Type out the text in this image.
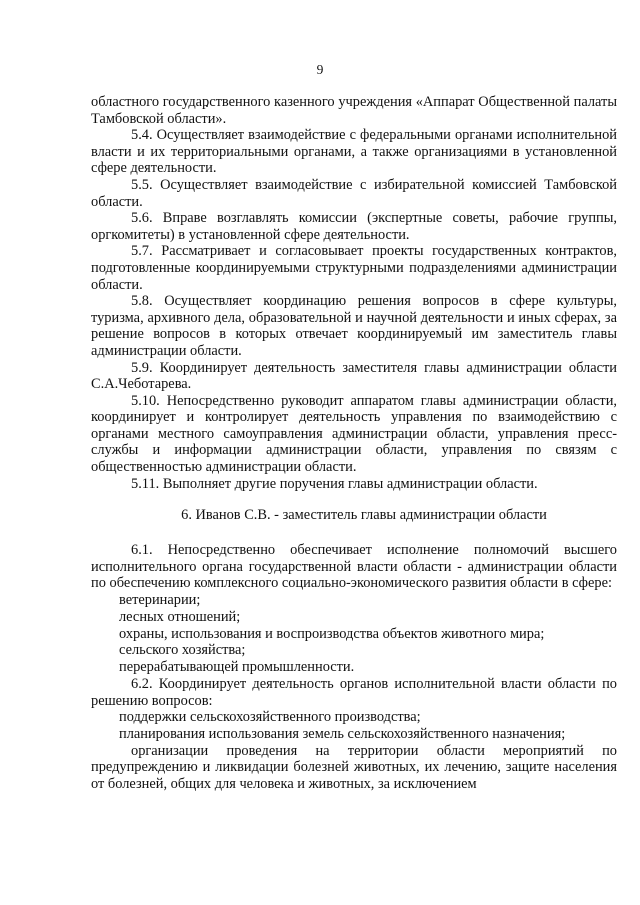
9

областного государственного казенного учреждения «Аппарат Общественной палаты Тамбовской области».

5.4. Осуществляет взаимодействие с федеральными органами исполнительной власти и их территориальными органами, а также организациями в установленной сфере деятельности.

5.5. Осуществляет взаимодействие с избирательной комиссией Тамбовской области.

5.6. Вправе возглавлять комиссии (экспертные советы, рабочие группы, оргкомитеты) в установленной сфере деятельности.

5.7. Рассматривает и согласовывает проекты государственных контрактов, подготовленные координируемыми структурными подразделениями администрации области.

5.8. Осуществляет координацию решения вопросов в сфере культуры, туризма, архивного дела, образовательной и научной деятельности и иных сферах, за решение вопросов в которых отвечает координируемый им заместитель главы администрации области.

5.9. Координирует деятельность заместителя главы администрации области С.А.Чеботарева.

5.10. Непосредственно руководит аппаратом главы администрации области, координирует и контролирует деятельность управления по взаимодействию с органами местного самоуправления администрации области, управления пресс-службы и информации администрации области, управления по связям с общественностью администрации области.

5.11. Выполняет другие поручения главы администрации области.

6. Иванов С.В. - заместитель главы администрации области

6.1. Непосредственно обеспечивает исполнение полномочий высшего исполнительного органа государственной власти области - администрации области по обеспечению комплексного социально-экономического развития области в сфере:

ветеринарии;

лесных отношений;

охраны, использования и воспроизводства объектов животного мира;

сельского хозяйства;

перерабатывающей промышленности.

6.2. Координирует деятельность органов исполнительной власти области по решению вопросов:

поддержки сельскохозяйственного производства;

планирования использования земель сельскохозяйственного назначения;

организации проведения на территории области мероприятий по предупреждению и ликвидации болезней животных, их лечению, защите населения от болезней, общих для человека и животных, за исключением
